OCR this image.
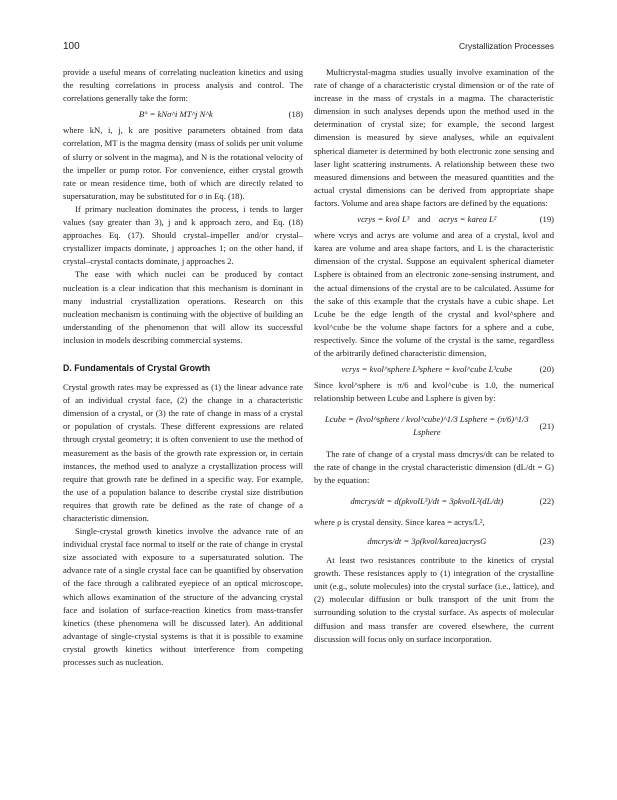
100	Crystallization Processes

provide a useful means of correlating nucleation kinetics and using the resulting correlations in process analysis and control. The correlations generally take the form:

B° = kNσ^i MT^j N^k	(18)

where kN, i, j, k are positive parameters obtained from data correlation, MT is the magma density (mass of solids per unit volume of slurry or solvent in the magma), and N is the rotational velocity of the impeller or pump rotor. For convenience, either crystal growth rate or mean residence time, both of which are directly related to supersaturation, may be substituted for σ in Eq. (18).

If primary nucleation dominates the process, i tends to larger values (say greater than 3), j and k approach zero, and Eq. (18) approaches Eq. (17). Should crystal–impeller and/or crystal–crystallizer impacts dominate, j approaches 1; on the other hand, if crystal–crystal contacts dominate, j approaches 2.

The ease with which nuclei can be produced by contact nucleation is a clear indication that this mechanism is dominant in many industrial crystallization operations. Research on this nucleation mechanism is continuing with the objective of building an understanding of the phenomenon that will allow its successful inclusion in models describing commercial systems.

D. Fundamentals of Crystal Growth

Crystal growth rates may be expressed as (1) the linear advance rate of an individual crystal face, (2) the change in a characteristic dimension of a crystal, or (3) the rate of change in mass of a crystal or population of crystals. These different expressions are related through crystal geometry; it is often convenient to use the method of measurement as the basis of the growth rate expression or, in certain instances, the method used to analyze a crystallization process will require that growth rate be defined in a specific way. For example, the use of a population balance to describe crystal size distribution requires that growth rate be defined as the rate of change of a characteristic dimension.

Single-crystal growth kinetics involve the advance rate of an individual crystal face normal to itself or the rate of change in crystal size associated with exposure to a supersaturated solution. The advance rate of a single crystal face can be quantified by observation of the face through a calibrated eyepiece of an optical microscope, which allows examination of the structure of the advancing crystal face and isolation of surface-reaction kinetics from mass-transfer kinetics (these phenomena will be discussed later). An additional advantage of single-crystal systems is that it is possible to examine crystal growth kinetics without interference from competing processes such as nucleation.

Multicrystal-magma studies usually involve examination of the rate of change of a characteristic crystal dimension or of the rate of increase in the mass of crystals in a magma. The characteristic dimension in such analyses depends upon the method used in the determination of crystal size; for example, the second largest dimension is measured by sieve analyses, while an equivalent spherical diameter is determined by both electronic zone sensing and laser light scattering instruments. A relationship between these two measured dimensions and between the measured quantities and the actual crystal dimensions can be derived from appropriate shape factors. Volume and area shape factors are defined by the equations:

vcrys = kvol L³ and acrys = karea L²	(19)

where vcrys and acrys are volume and area of a crystal, kvol and karea are volume and area shape factors, and L is the characteristic dimension of the crystal. Suppose an equivalent spherical diameter Lsphere is obtained from an electronic zone-sensing instrument, and the actual dimensions of the crystal are to be calculated. Assume for the sake of this example that the crystals have a cubic shape. Let Lcube be the edge length of the crystal and kvol^sphere and kvol^cube be the volume shape factors for a sphere and a cube, respectively. Since the volume of the crystal is the same, regardless of the arbitrarily defined characteristic dimension,

vcrys = kvol^sphere L³sphere = kvol^cube L³cube	(20)

Since kvol^sphere is π/6 and kvol^cube is 1.0, the numerical relationship between Lcube and Lsphere is given by:

Lcube = (kvol^sphere / kvol^cube)^1/3 Lsphere = (π/6)^1/3 Lsphere
(21)

The rate of change of a crystal mass dmcrys/dt can be related to the rate of change in the crystal characteristic dimension (dL/dt = G) by the equation:

dmcrys/dt = d(ρkvolL³)/dt = 3ρkvolL²(dL/dt)	(22)

where ρ is crystal density. Since karea = acrys/L²,

dmcrys/dt = 3ρ(kvol/karea)acrysG	(23)

At least two resistances contribute to the kinetics of crystal growth. These resistances apply to (1) integration of the crystalline unit (e.g., solute molecules) into the crystal surface (i.e., lattice), and (2) molecular diffusion or bulk transport of the unit from the surrounding solution to the crystal surface. As aspects of molecular diffusion and mass transfer are covered elsewhere, the current discussion will focus only on surface incorporation.
